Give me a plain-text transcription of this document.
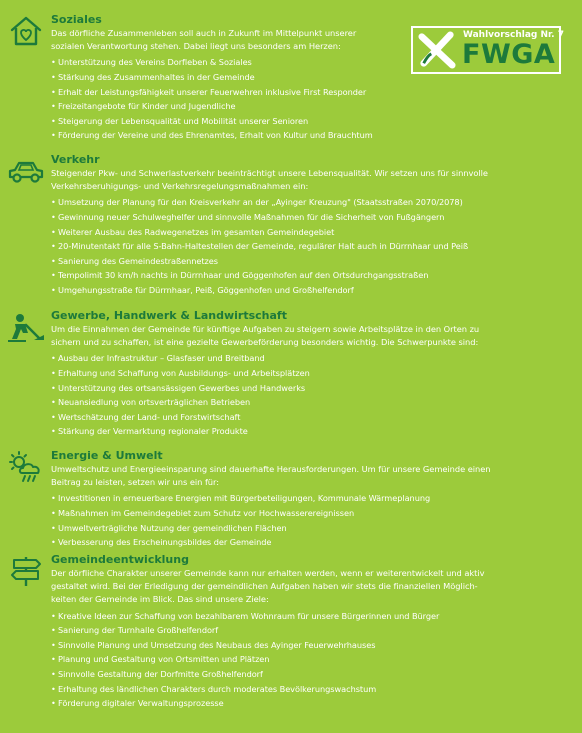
Wahlvorschlag Nr. 7
FWGA
Soziales
Das dörfliche Zusammenleben soll auch in Zukunft im Mittelpunkt unserer
sozialen Verantwortung stehen. Dabei liegt uns besonders am Herzen:
• Unterstützung des Vereins Dorfleben & Soziales
• Stärkung des Zusammenhaltes in der Gemeinde
• Erhalt der Leistungsfähigkeit unserer Feuerwehren inklusive First Responder
• Freizeitangebote für Kinder und Jugendliche
• Steigerung der Lebensqualität und Mobilität unserer Senioren
• Förderung der Vereine und des Ehrenamtes, Erhalt von Kultur und Brauchtum
Verkehr
Steigender Pkw- und Schwerlastverkehr beeinträchtigt unsere Lebensqualität. Wir setzen uns für sinnvolle
Verkehrsberuhigungs- und Verkehrsregelungsmaßnahmen ein:
• Umsetzung der Planung für den Kreisverkehr an der „Ayinger Kreuzung" (Staatsstraßen 2070/2078)
• Gewinnung neuer Schulweghelfer und sinnvolle Maßnahmen für die Sicherheit von Fußgängern
• Weiterer Ausbau des Radwegenetzes im gesamten Gemeindegebiet
• 20-Minutentakt für alle S-Bahn-Haltestellen der Gemeinde, regulärer Halt auch in Dürrnhaar und Peiß
• Sanierung des Gemeindestraßennetzes
• Tempolimit 30 km/h nachts in Dürrnhaar und Göggenhofen auf den Ortsdurchgangsstraßen
• Umgehungsstraße für Dürrnhaar, Peiß, Göggenhofen und Großhelfendorf
Gewerbe, Handwerk & Landwirtschaft
Um die Einnahmen der Gemeinde für künftige Aufgaben zu steigern sowie Arbeitsplätze in den Orten zu
sichern und zu schaffen, ist eine gezielte Gewerbeförderung besonders wichtig. Die Schwerpunkte sind:
• Ausbau der Infrastruktur – Glasfaser und Breitband
• Erhaltung und Schaffung von Ausbildungs- und Arbeitsplätzen
• Unterstützung des ortsansässigen Gewerbes und Handwerks
• Neuansiedlung von ortsverträglichen Betrieben
• Wertschätzung der Land- und Forstwirtschaft
• Stärkung der Vermarktung regionaler Produkte
Energie & Umwelt
Umweltschutz und Energieeinsparung sind dauerhafte Herausforderungen. Um für unsere Gemeinde einen
Beitrag zu leisten, setzen wir uns ein für:
• Investitionen in erneuerbare Energien mit Bürgerbeteiligungen, Kommunale Wärmeplanung
• Maßnahmen im Gemeindegebiet zum Schutz vor Hochwasserereignissen
• Umweltverträgliche Nutzung der gemeindlichen Flächen
• Verbesserung des Erscheinungsbildes der Gemeinde
Gemeindeentwicklung
Der dörfliche Charakter unserer Gemeinde kann nur erhalten werden, wenn er weiterentwickelt und aktiv
gestaltet wird. Bei der Erledigung der gemeindlichen Aufgaben haben wir stets die finanziellen Möglich-
keiten der Gemeinde im Blick. Das sind unsere Ziele:
• Kreative Ideen zur Schaffung von bezahlbarem Wohnraum für unsere Bürgerinnen und Bürger
• Sanierung der Turnhalle Großhelfendorf
• Sinnvolle Planung und Umsetzung des Neubaus des Ayinger Feuerwehrhauses
• Planung und Gestaltung von Ortsmitten und Plätzen
• Sinnvolle Gestaltung der Dorfmitte Großhelfendorf
• Erhaltung des ländlichen Charakters durch moderates Bevölkerungswachstum
• Förderung digitaler Verwaltungsprozesse
